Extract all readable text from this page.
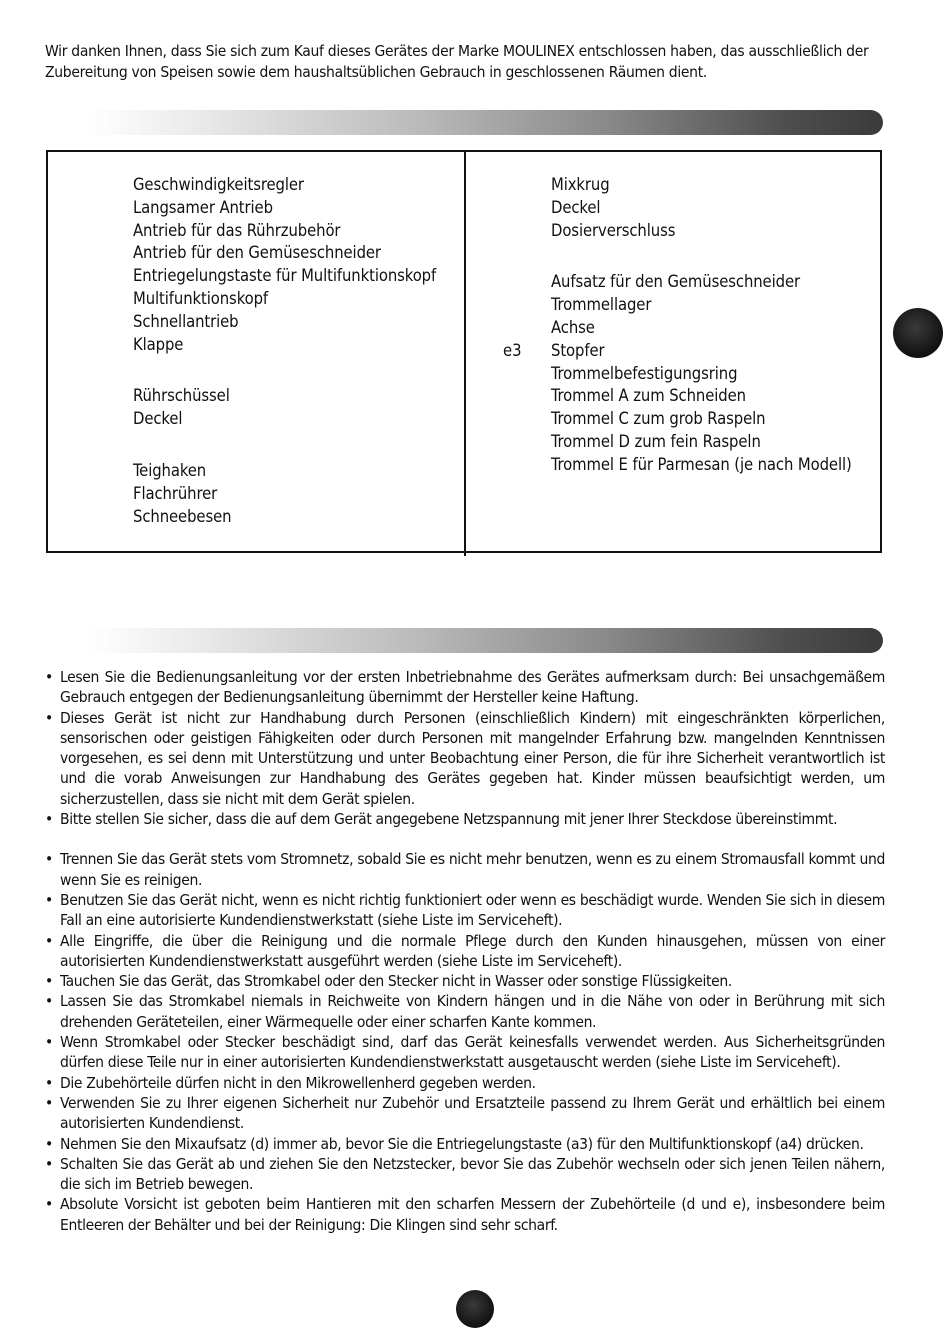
Wir danken Ihnen, dass Sie sich zum Kauf dieses Gerätes der Marke MOULINEX entschlossen haben, das ausschließlich der Zubereitung von Speisen sowie dem haushaltsüblichen Gebrauch in geschlossenen Räumen dient.

Geschwindigkeitsregler
Langsamer Antrieb
Antrieb für das Rührzubehör
Antrieb für den Gemüseschneider
Entriegelungstaste für Multifunktionskopf
Multifunktionskopf
Schnellantrieb
Klappe
Rührschüssel
Deckel
Teighaken
Flachrührer
Schneebesen
Mixkrug
Deckel
Dosierverschluss
Aufsatz für den Gemüseschneider
Trommellager
Achse
Stopfer
Trommelbefestigungsring
Trommel A zum Schneiden
Trommel C zum grob Raspeln
Trommel D zum fein Raspeln
Trommel E für Parmesan (je nach Modell)
e3
• Lesen Sie die Bedienungsanleitung vor der ersten Inbetriebnahme des Gerätes aufmerksam durch: Bei unsachgemäßem Gebrauch entgegen der Bedienungsanleitung übernimmt der Hersteller keine Haftung.
• Dieses Gerät ist nicht zur Handhabung durch Personen (einschließlich Kindern) mit eingeschränkten körperlichen, sensorischen oder geistigen Fähigkeiten oder durch Personen mit mangelnder Erfahrung bzw. mangelnden Kenntnissen vorgesehen, es sei denn mit Unterstützung und unter Beobachtung einer Person, die für ihre Sicherheit verantwortlich ist und die vorab Anweisungen zur Handhabung des Gerätes gegeben hat. Kinder müssen beaufsichtigt werden, um sicherzustellen, dass sie nicht mit dem Gerät spielen.
• Bitte stellen Sie sicher, dass die auf dem Gerät angegebene Netzspannung mit jener Ihrer Steckdose übereinstimmt.
• Trennen Sie das Gerät stets vom Stromnetz, sobald Sie es nicht mehr benutzen, wenn es zu einem Stromausfall kommt und wenn Sie es reinigen.
• Benutzen Sie das Gerät nicht, wenn es nicht richtig funktioniert oder wenn es beschädigt wurde. Wenden Sie sich in diesem Fall an eine autorisierte Kundendienstwerkstatt (siehe Liste im Serviceheft).
• Alle Eingriffe, die über die Reinigung und die normale Pflege durch den Kunden hinausgehen, müssen von einer autorisierten Kundendienstwerkstatt ausgeführt werden (siehe Liste im Serviceheft).
• Tauchen Sie das Gerät, das Stromkabel oder den Stecker nicht in Wasser oder sonstige Flüssigkeiten.
• Lassen Sie das Stromkabel niemals in Reichweite von Kindern hängen und in die Nähe von oder in Berührung mit sich drehenden Geräteteilen, einer Wärmequelle oder einer scharfen Kante kommen.
• Wenn Stromkabel oder Stecker beschädigt sind, darf das Gerät keinesfalls verwendet werden. Aus Sicherheitsgründen dürfen diese Teile nur in einer autorisierten Kundendienstwerkstatt ausgetauscht werden (siehe Liste im Serviceheft).
• Die Zubehörteile dürfen nicht in den Mikrowellenherd gegeben werden.
• Verwenden Sie zu Ihrer eigenen Sicherheit nur Zubehör und Ersatzteile passend zu Ihrem Gerät und erhältlich bei einem autorisierten Kundendienst.
• Nehmen Sie den Mixaufsatz (d) immer ab, bevor Sie die Entriegelungstaste (a3) für den Multifunktionskopf (a4) drücken.
• Schalten Sie das Gerät ab und ziehen Sie den Netzstecker, bevor Sie das Zubehör wechseln oder sich jenen Teilen nähern, die sich im Betrieb bewegen.
• Absolute Vorsicht ist geboten beim Hantieren mit den scharfen Messern der Zubehörteile (d und e), insbesondere beim Entleeren der Behälter und bei der Reinigung: Die Klingen sind sehr scharf.
